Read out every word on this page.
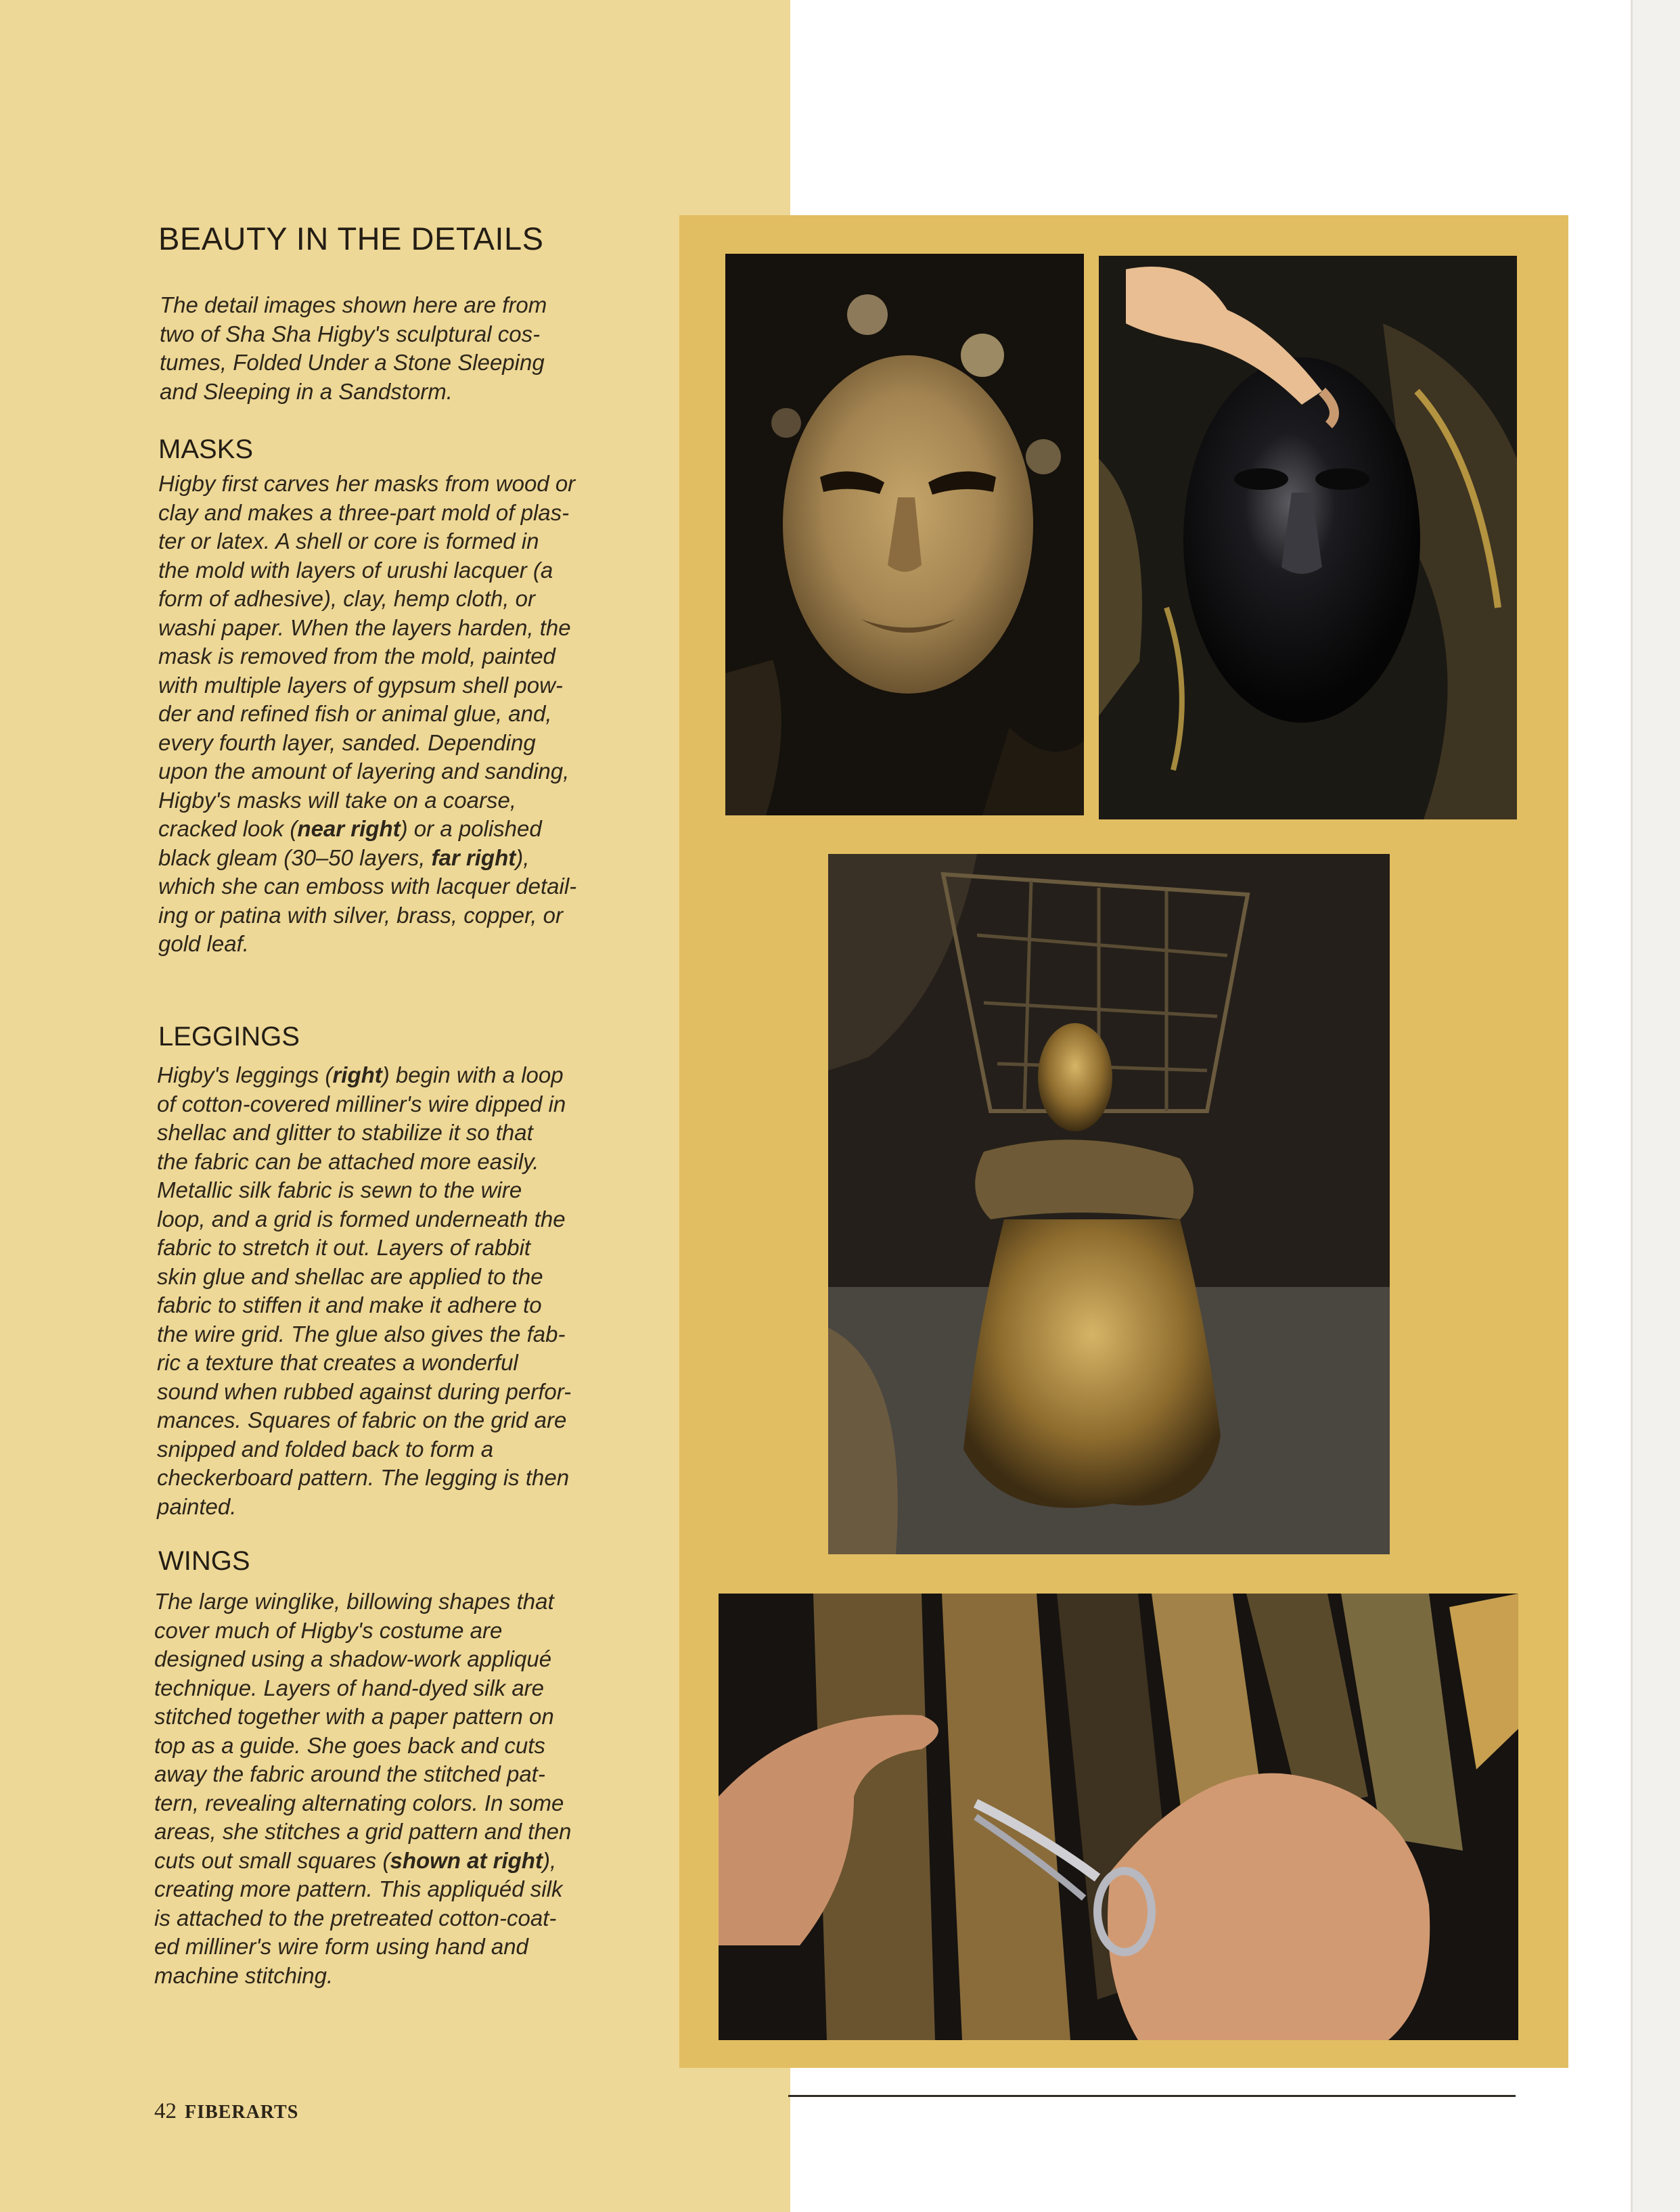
BEAUTY IN THE DETAILS

The detail images shown here are from
two of Sha Sha Higby's sculptural cos-
tumes, Folded Under a Stone Sleeping
and Sleeping in a Sandstorm.

MASKS

Higby first carves her masks from wood or
clay and makes a three-part mold of plas-
ter or latex. A shell or core is formed in
the mold with layers of urushi lacquer (a
form of adhesive), clay, hemp cloth, or
washi paper. When the layers harden, the
mask is removed from the mold, painted
with multiple layers of gypsum shell pow-
der and refined fish or animal glue, and,
every fourth layer, sanded. Depending
upon the amount of layering and sanding,
Higby's masks will take on a coarse,
cracked look (near right) or a polished
black gleam (30–50 layers, far right),
which she can emboss with lacquer detail-
ing or patina with silver, brass, copper, or
gold leaf.

LEGGINGS

Higby's leggings (right) begin with a loop
of cotton-covered milliner's wire dipped in
shellac and glitter to stabilize it so that
the fabric can be attached more easily.
Metallic silk fabric is sewn to the wire
loop, and a grid is formed underneath the
fabric to stretch it out. Layers of rabbit
skin glue and shellac are applied to the
fabric to stiffen it and make it adhere to
the wire grid. The glue also gives the fab-
ric a texture that creates a wonderful
sound when rubbed against during perfor-
mances. Squares of fabric on the grid are
snipped and folded back to form a
checkerboard pattern. The legging is then
painted.

WINGS

The large winglike, billowing shapes that
cover much of Higby's costume are
designed using a shadow-work appliqué
technique. Layers of hand-dyed silk are
stitched together with a paper pattern on
top as a guide. She goes back and cuts
away the fabric around the stitched pat-
tern, revealing alternating colors. In some
areas, she stitches a grid pattern and then
cuts out small squares (shown at right),
creating more pattern. This appliquéd silk
is attached to the pretreated cotton-coat-
ed milliner's wire form using hand and
machine stitching.

42 FIBERARTS
